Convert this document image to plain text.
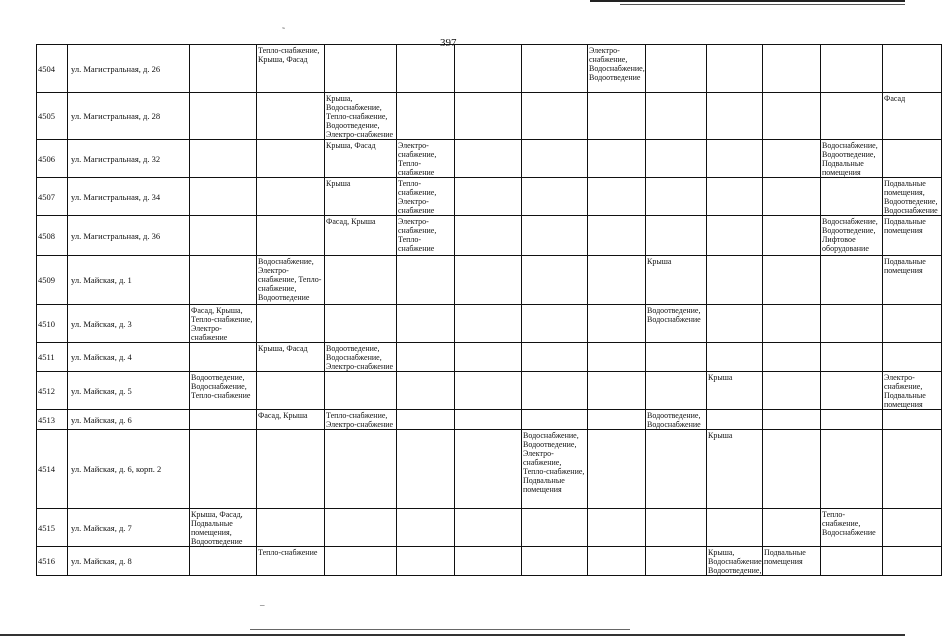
397
˜
‒
4504	ул. Магистральная, д. 26		Тепло-снабжение, Крыша, Фасад					Электро-снабжение, Водоснабжение, Водоотведение					
4505	ул. Магистральная, д. 28			Крыша, Водоснабжение, Тепло-снабжение, Водоотведение, Электро-снабжение									Фасад
4506	ул. Магистральная, д. 32			Крыша, Фасад	Электро-снабжение, Тепло-снабжение							Водоснабжение, Водоотведение, Подвальные помещения	
4507	ул. Магистральная, д. 34			Крыша	Тепло-снабжение, Электро-снабжение								Подвальные помещения, Водоотведение, Водоснабжение
4508	ул. Магистральная, д. 36			Фасад, Крыша	Электро-снабжение, Тепло-снабжение							Водоснабжение, Водоотведение, Лифтовое оборудование	Подвальные помещения
4509	ул. Майская, д. 1		Водоснабжение, Электро-снабжение, Тепло-снабжение, Водоотведение						Крыша				Подвальные помещения
4510	ул. Майская, д. 3	Фасад, Крыша, Тепло-снабжение, Электро-снабжение							Водоотведение, Водоснабжение				
4511	ул. Майская, д. 4		Крыша, Фасад	Водоотведение, Водоснабжение, Электро-снабжение									
4512	ул. Майская, д. 5	Водоотведение, Водоснабжение, Тепло-снабжение								Крыша			Электро-снабжение, Подвальные помещения
4513	ул. Майская, д. 6		Фасад, Крыша	Тепло-снабжение, Электро-снабжение					Водоотведение, Водоснабжение				
4514	ул. Майская, д. 6, корп. 2						Водоснабжение, Водоотведение, Электро-снабжение, Тепло-снабжение, Подвальные помещения			Крыша			
4515	ул. Майская, д. 7	Крыша, Фасад, Подвальные помещения, Водоотведение										Тепло-снабжение, Водоснабжение	
4516	ул. Майская, д. 8		Тепло-снабжение							Крыша, Водоснабжение, Водоотведение,	Подвальные помещения		
